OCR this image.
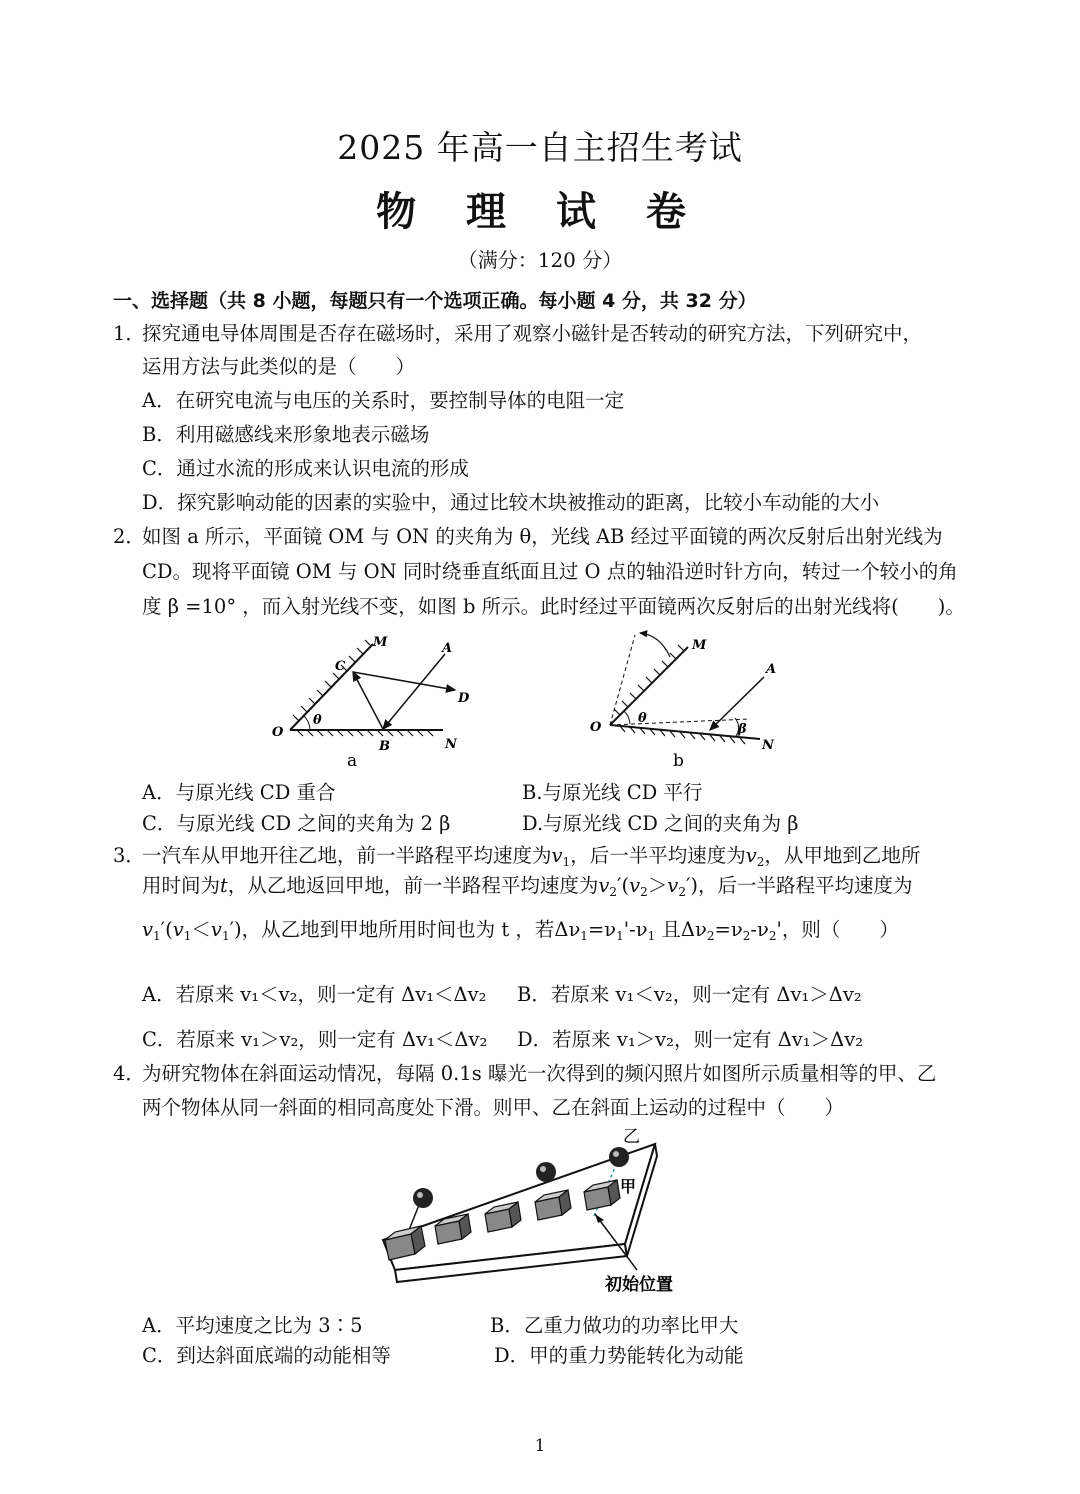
2025 年高一自主招生考试
物 理 试 卷
（满分：120 分）
一、选择题（共 8 小题，每题只有一个选项正确。每小题 4 分，共 32 分）
1．
探究通电导体周围是否存在磁场时，采用了观察小磁针是否转动的研究方法，下列研究中，
运用方法与此类似的是（　　）
A．在研究电流与电压的关系时，要控制导体的电阻一定
B．利用磁感线来形象地表示磁场
C．通过水流的形成来认识电流的形成
D．探究影响动能的因素的实验中，通过比较木块被推动的距离，比较小车动能的大小
2．
如图 a 所示，平面镜 OM 与 ON 的夹角为 θ，光线 AB 经过平面镜的两次反射后出射光线为
CD。现将平面镜 OM 与 ON 同时绕垂直纸面且过 O 点的轴沿逆时针方向，转过一个较小的角
度 β =10° ，而入射光线不变，如图 b 所示。此时经过平面镜两次反射后的出射光线将(　　)。
M	A
C
D
O
θ
B	N
a
M
A
O
θ
β
N
b
A．与原光线 CD 重合	B.与原光线 CD 平行
C．与原光线 CD 之间的夹角为 2 β	D.与原光线 CD 之间的夹角为 β
3．
一汽车从甲地开往乙地，前一半路程平均速度为$v_1$，后一半平均速度为$v_2$，从甲地到乙地所
用时间为t，从乙地返回甲地，前一半路程平均速度为$v_2'(v_2>v_2')$，后一半路程平均速度为
$v_1'(v_1<v_1')$，从乙地到甲地所用时间也为 t ，若$\Delta\nu_1=\nu_1'-\nu_1$ 且$\Delta\nu_2=\nu_2-\nu_2'$，则（　　）
A．若原来 v₁＜v₂，则一定有 Δv₁＜Δv₂ B．若原来 v₁＜v₂，则一定有 Δv₁＞Δv₂
C．若原来 v₁＞v₂，则一定有 Δv₁＜Δv₂ D．若原来 v₁＞v₂，则一定有 Δv₁＞Δv₂
4．
为研究物体在斜面运动情况，每隔 0.1s 曝光一次得到的频闪照片如图所示质量相等的甲、乙
两个物体从同一斜面的相同高度处下滑。则甲、乙在斜面上运动的过程中（　　）
乙
甲
初始位置
A．平均速度之比为 3∶5	B．乙重力做功的功率比甲大
C．到达斜面底端的动能相等	D．甲的重力势能转化为动能
1
